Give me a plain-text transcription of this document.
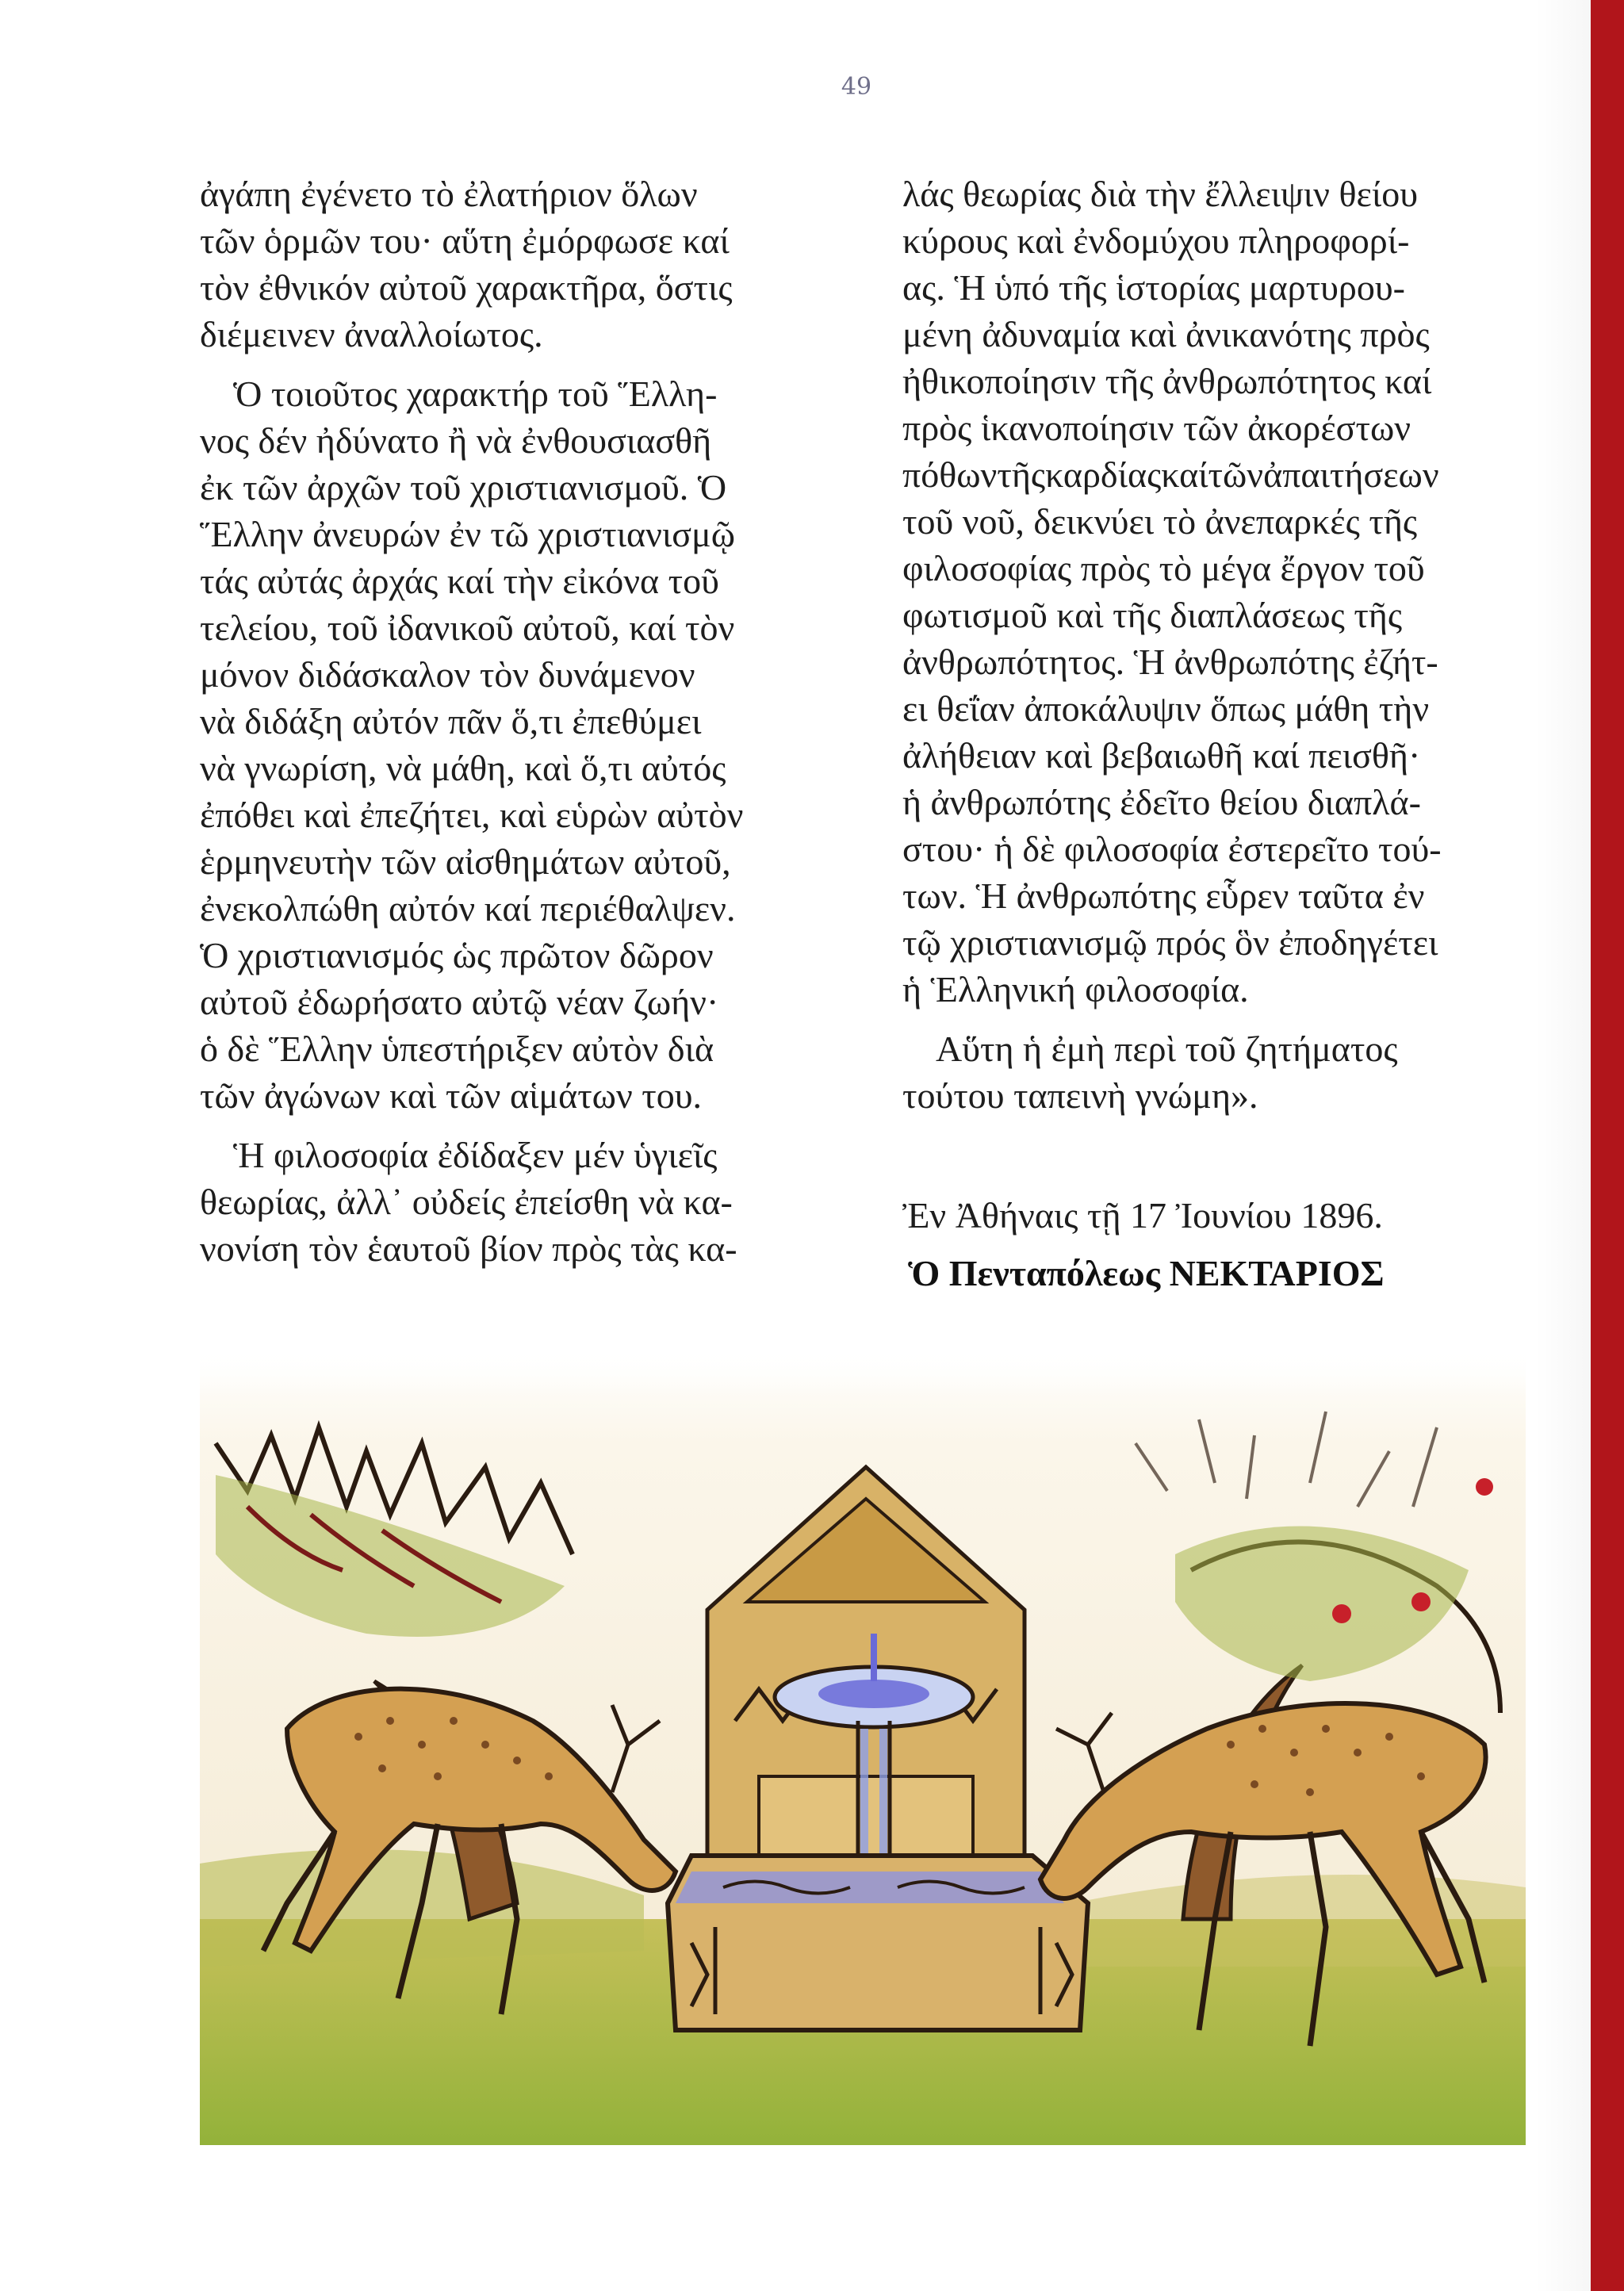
49

ἀγάπη ἐγένετο τὸ ἐλατήριον ὅλων
τῶν ὁρμῶν του· αὕτη ἐμόρφωσε καί
τὸν ἐθνικόν αὐτοῦ χαρακτῆρα, ὅστις
διέμεινεν ἀναλλοίωτος.

Ὁ τοιοῦτος χαρακτήρ τοῦ Ἕλλη-
νος δέν ἠδύνατο ἢ νὰ ἐνθουσιασθῆ
ἐκ τῶν ἀρχῶν τοῦ χριστιανισμοῦ. Ὁ
Ἕλλην ἀνευρών ἐν τῶ χριστιανισμῷ
τάς αὐτάς ἀρχάς καί τὴν εἰκόνα τοῦ
τελείου, τοῦ ἰδανικοῦ αὐτοῦ, καί τὸν
μόνον διδάσκαλον τὸν δυνάμενον
νὰ διδάξη αὐτόν πᾶν ὅ,τι ἐπεθύμει
νὰ γνωρίση, νὰ μάθη, καὶ ὅ,τι αὐτός
ἐπόθει καὶ ἐπεζήτει, καὶ εὑρὼν αὐτὸν
ἑρμηνευτὴν τῶν αἰσθημάτων αὐτοῦ,
ἐνεκολπώθη αὐτόν καί περιέθαλψεν.
Ὁ χριστιανισμός ὡς πρῶτον δῶρον
αὐτοῦ ἐδωρήσατο αὐτῷ νέαν ζωήν·
ὁ δὲ Ἕλλην ὑπεστήριξεν αὐτὸν διὰ
τῶν ἀγώνων καὶ τῶν αἱμάτων του.

Ἡ φιλοσοφία ἐδίδαξεν μέν ὑγιεῖς
θεωρίας, ἀλλ᾽ οὐδείς ἐπείσθη νὰ κα-
νονίση τὸν ἑαυτοῦ βίον πρὸς τὰς κα-

λάς θεωρίας διὰ τὴν ἔλλειψιν θείου
κύρους καὶ ἐνδομύχου πληροφορί-
ας. Ἡ ὑπό τῆς ἱστορίας μαρτυρου-
μένη ἀδυναμία καὶ ἀνικανότης πρὸς
ἠθικοποίησιν τῆς ἀνθρωπότητος καί
πρὸς ἱκανοποίησιν τῶν ἀκορέστων
πόθωντῆςκαρδίαςκαίτῶνἀπαιτήσεων
τοῦ νοῦ, δεικνύει τὸ ἀνεπαρκές τῆς
φιλοσοφίας πρὸς τὸ μέγα ἔργον τοῦ
φωτισμοῦ καὶ τῆς διαπλάσεως τῆς
ἀνθρωπότητος. Ἡ ἀνθρωπότης ἐζήτ-
ει θεΐαν ἀποκάλυψιν ὅπως μάθη τὴν
ἀλήθειαν καὶ βεβαιωθῆ καί πεισθῆ·
ἡ ἀνθρωπότης ἐδεῖτο θείου διαπλά-
στου· ἡ δὲ φιλοσοφία ἐστερεῖτο τού-
των. Ἡ ἀνθρωπότης εὗρεν ταῦτα ἐν
τῷ χριστιανισμῷ πρός ὃν ἐποδηγέτει
ἡ Ἑλληνική φιλοσοφία.

Αὕτη ἡ ἐμὴ περὶ τοῦ ζητήματος
τούτου ταπεινὴ γνώμη».

Ἐν Ἀθήναις τῇ 17 Ἰουνίου 1896.
Ὁ Πενταπόλεως ΝΕΚΤΑΡΙΟΣ
